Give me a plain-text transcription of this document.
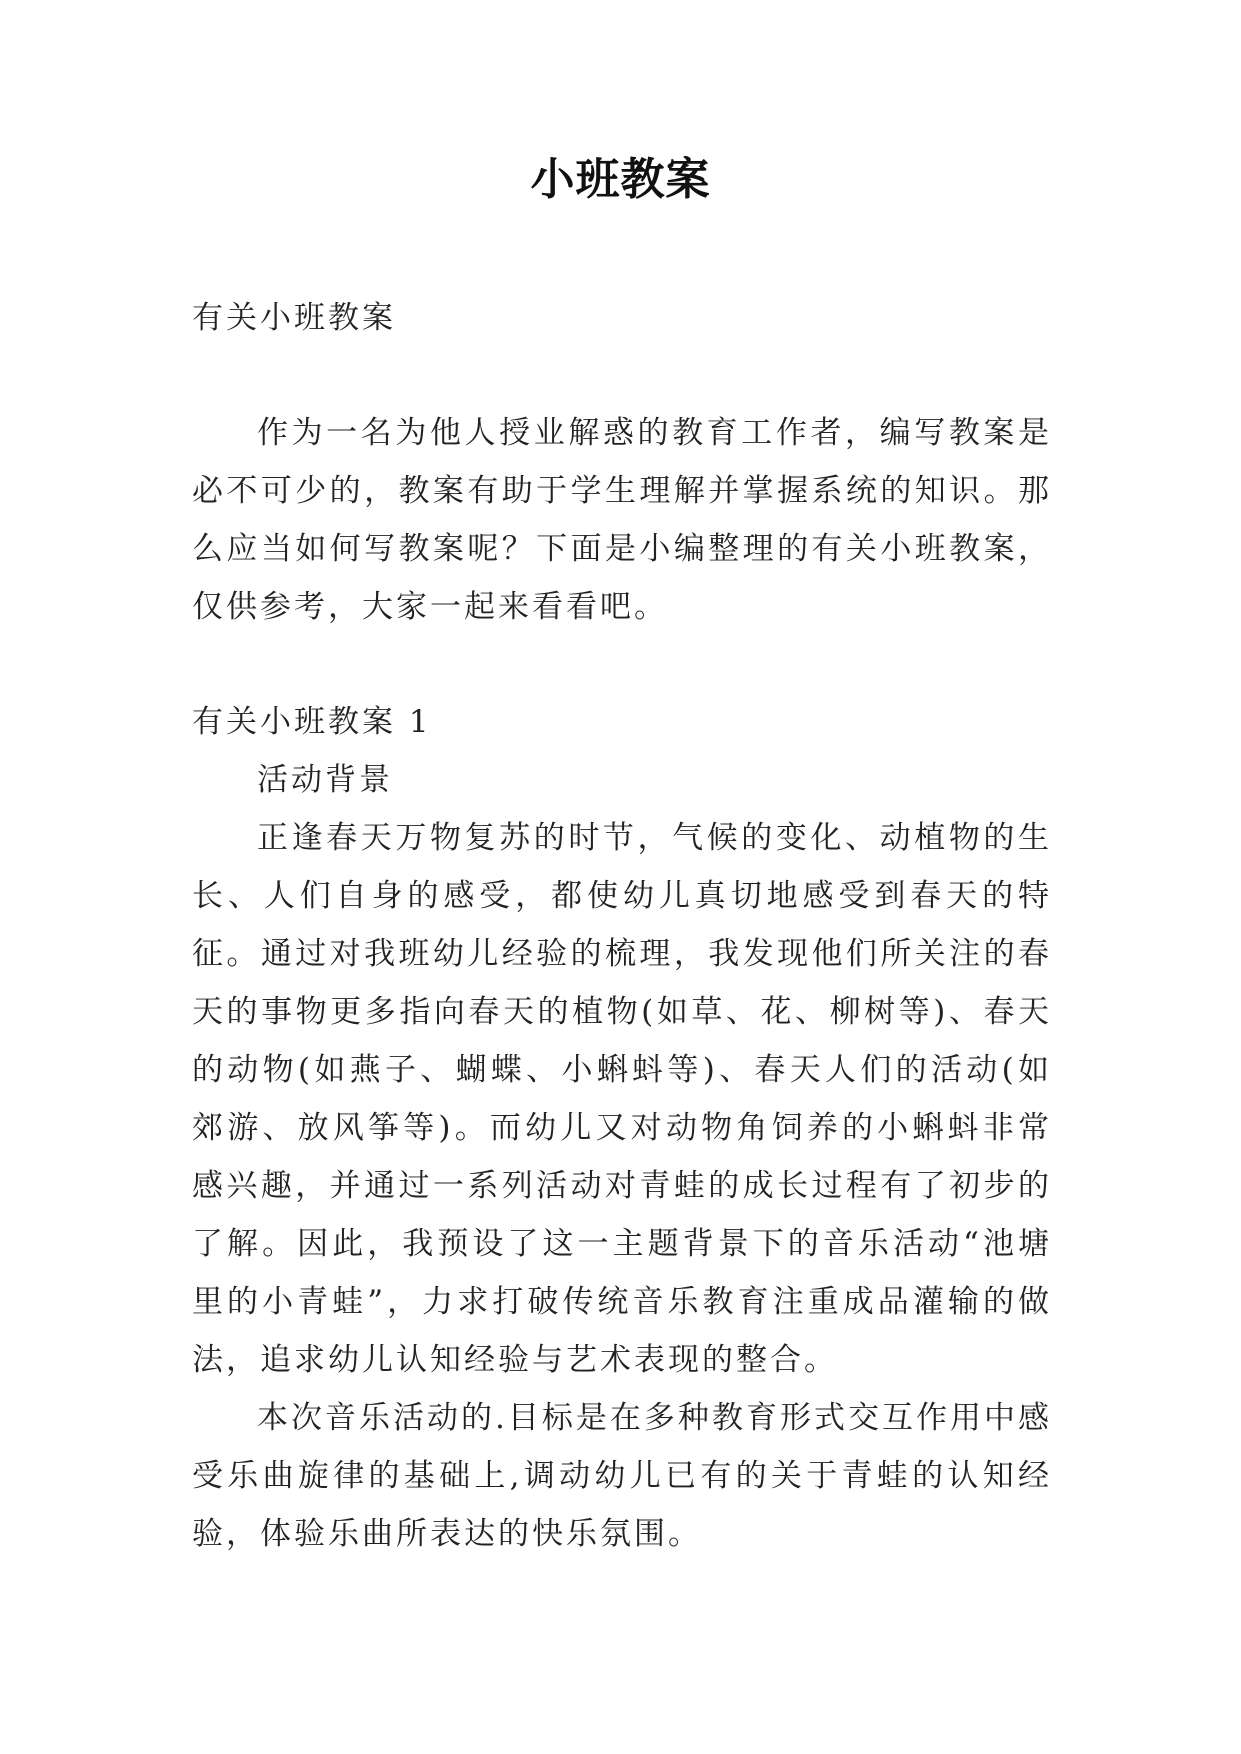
小班教案

有关小班教案

作为一名为他人授业解惑的教育工作者，编写教案是必不可少的，教案有助于学生理解并掌握系统的知识。那么应当如何写教案呢？下面是小编整理的有关小班教案，仅供参考，大家一起来看看吧。

有关小班教案 1

活动背景

正逢春天万物复苏的时节，气候的变化、动植物的生长、人们自身的感受，都使幼儿真切地感受到春天的特征。通过对我班幼儿经验的梳理，我发现他们所关注的春天的事物更多指向春天的植物(如草、花、柳树等)、春天的动物(如燕子、蝴蝶、小蝌蚪等)、春天人们的活动(如郊游、放风筝等)。而幼儿又对动物角饲养的小蝌蚪非常感兴趣，并通过一系列活动对青蛙的成长过程有了初步的了解。因此，我预设了这一主题背景下的音乐活动“池塘里的小青蛙”，力求打破传统音乐教育注重成品灌输的做法，追求幼儿认知经验与艺术表现的整合。

本次音乐活动的.目标是在多种教育形式交互作用中感受乐曲旋律的基础上,调动幼儿已有的关于青蛙的认知经验，体验乐曲所表达的快乐氛围。
